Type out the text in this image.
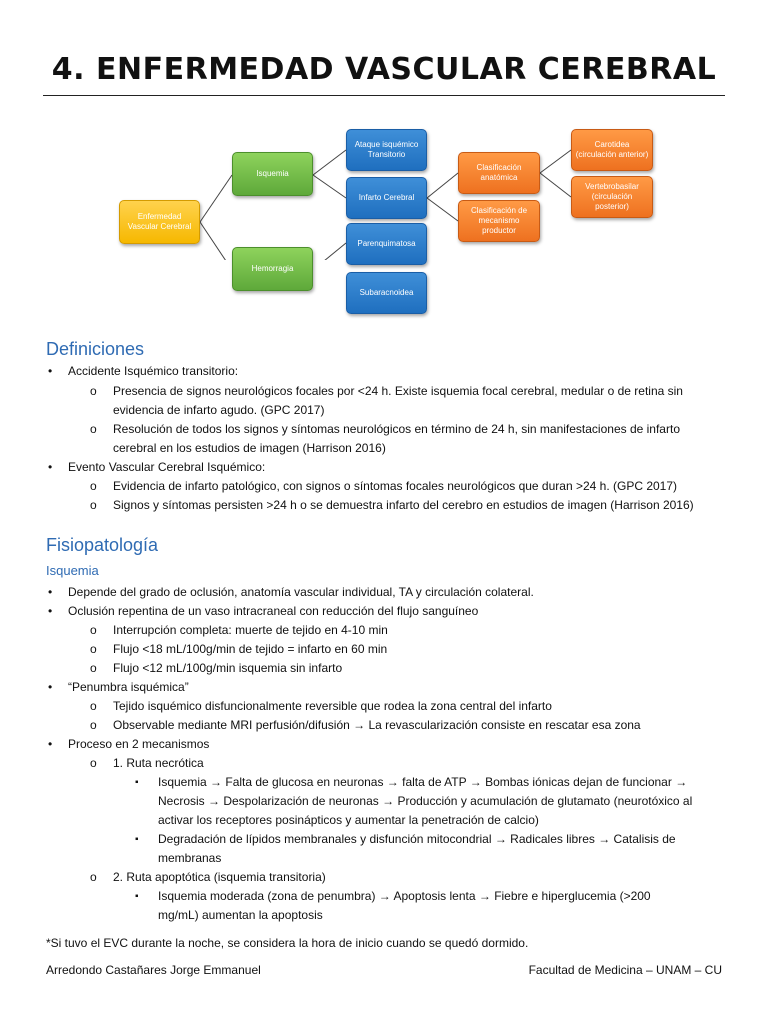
4. ENFERMEDAD VASCULAR CEREBRAL
Enfermedad Vascular Cerebral
Isquemia
Hemorragia
Ataque isquémico Transitorio
Infarto Cerebral
Parenquimatosa
Subaracnoidea
Clasificación anatómica
Clasificación de mecanismo productor
Carotidea (circulación anterior)
Vertebrobasilar (circulación posterior)
Definiciones
• Accidente Isquémico transitorio:
o Presencia de signos neurológicos focales por <24 h. Existe isquemia focal cerebral, medular o de retina sin
evidencia de infarto agudo. (GPC 2017)
o Resolución de todos los signos y síntomas neurológicos en término de 24 h, sin manifestaciones de infarto
cerebral en los estudios de imagen (Harrison 2016)
• Evento Vascular Cerebral Isquémico:
o Evidencia de infarto patológico, con signos o síntomas focales neurológicos que duran >24 h. (GPC 2017)
o Signos y síntomas persisten >24 h o se demuestra infarto del cerebro en estudios de imagen (Harrison 2016)
Fisiopatología
Isquemia
• Depende del grado de oclusión, anatomía vascular individual, TA y circulación colateral.
• Oclusión repentina de un vaso intracraneal con reducción del flujo sanguíneo
o Interrupción completa: muerte de tejido en 4-10 min
o Flujo <18 mL/100g/min de tejido = infarto en 60 min
o Flujo <12 mL/100g/min isquemia sin infarto
• “Penumbra isquémica”
o Tejido isquémico disfuncionalmente reversible que rodea la zona central del infarto
o Observable mediante MRI perfusión/difusión → La revascularización consiste en rescatar esa zona
• Proceso en 2 mecanismos
o 1. Ruta necrótica
▪ Isquemia → Falta de glucosa en neuronas → falta de ATP → Bombas iónicas dejan de funcionar →
Necrosis → Despolarización de neuronas → Producción y acumulación de glutamato (neurotóxico al
activar los receptores posinápticos y aumentar la penetración de calcio)
▪ Degradación de lípidos membranales y disfunción mitocondrial → Radicales libres → Catalisis de
membranas
o 2. Ruta apoptótica (isquemia transitoria)
▪ Isquemia moderada (zona de penumbra) → Apoptosis lenta → Fiebre e hiperglucemia (>200
mg/mL) aumentan la apoptosis
*Si tuvo el EVC durante la noche, se considera la hora de inicio cuando se quedó dormido.
Arredondo Castañares Jorge Emmanuel	Facultad de Medicina – UNAM – CU
